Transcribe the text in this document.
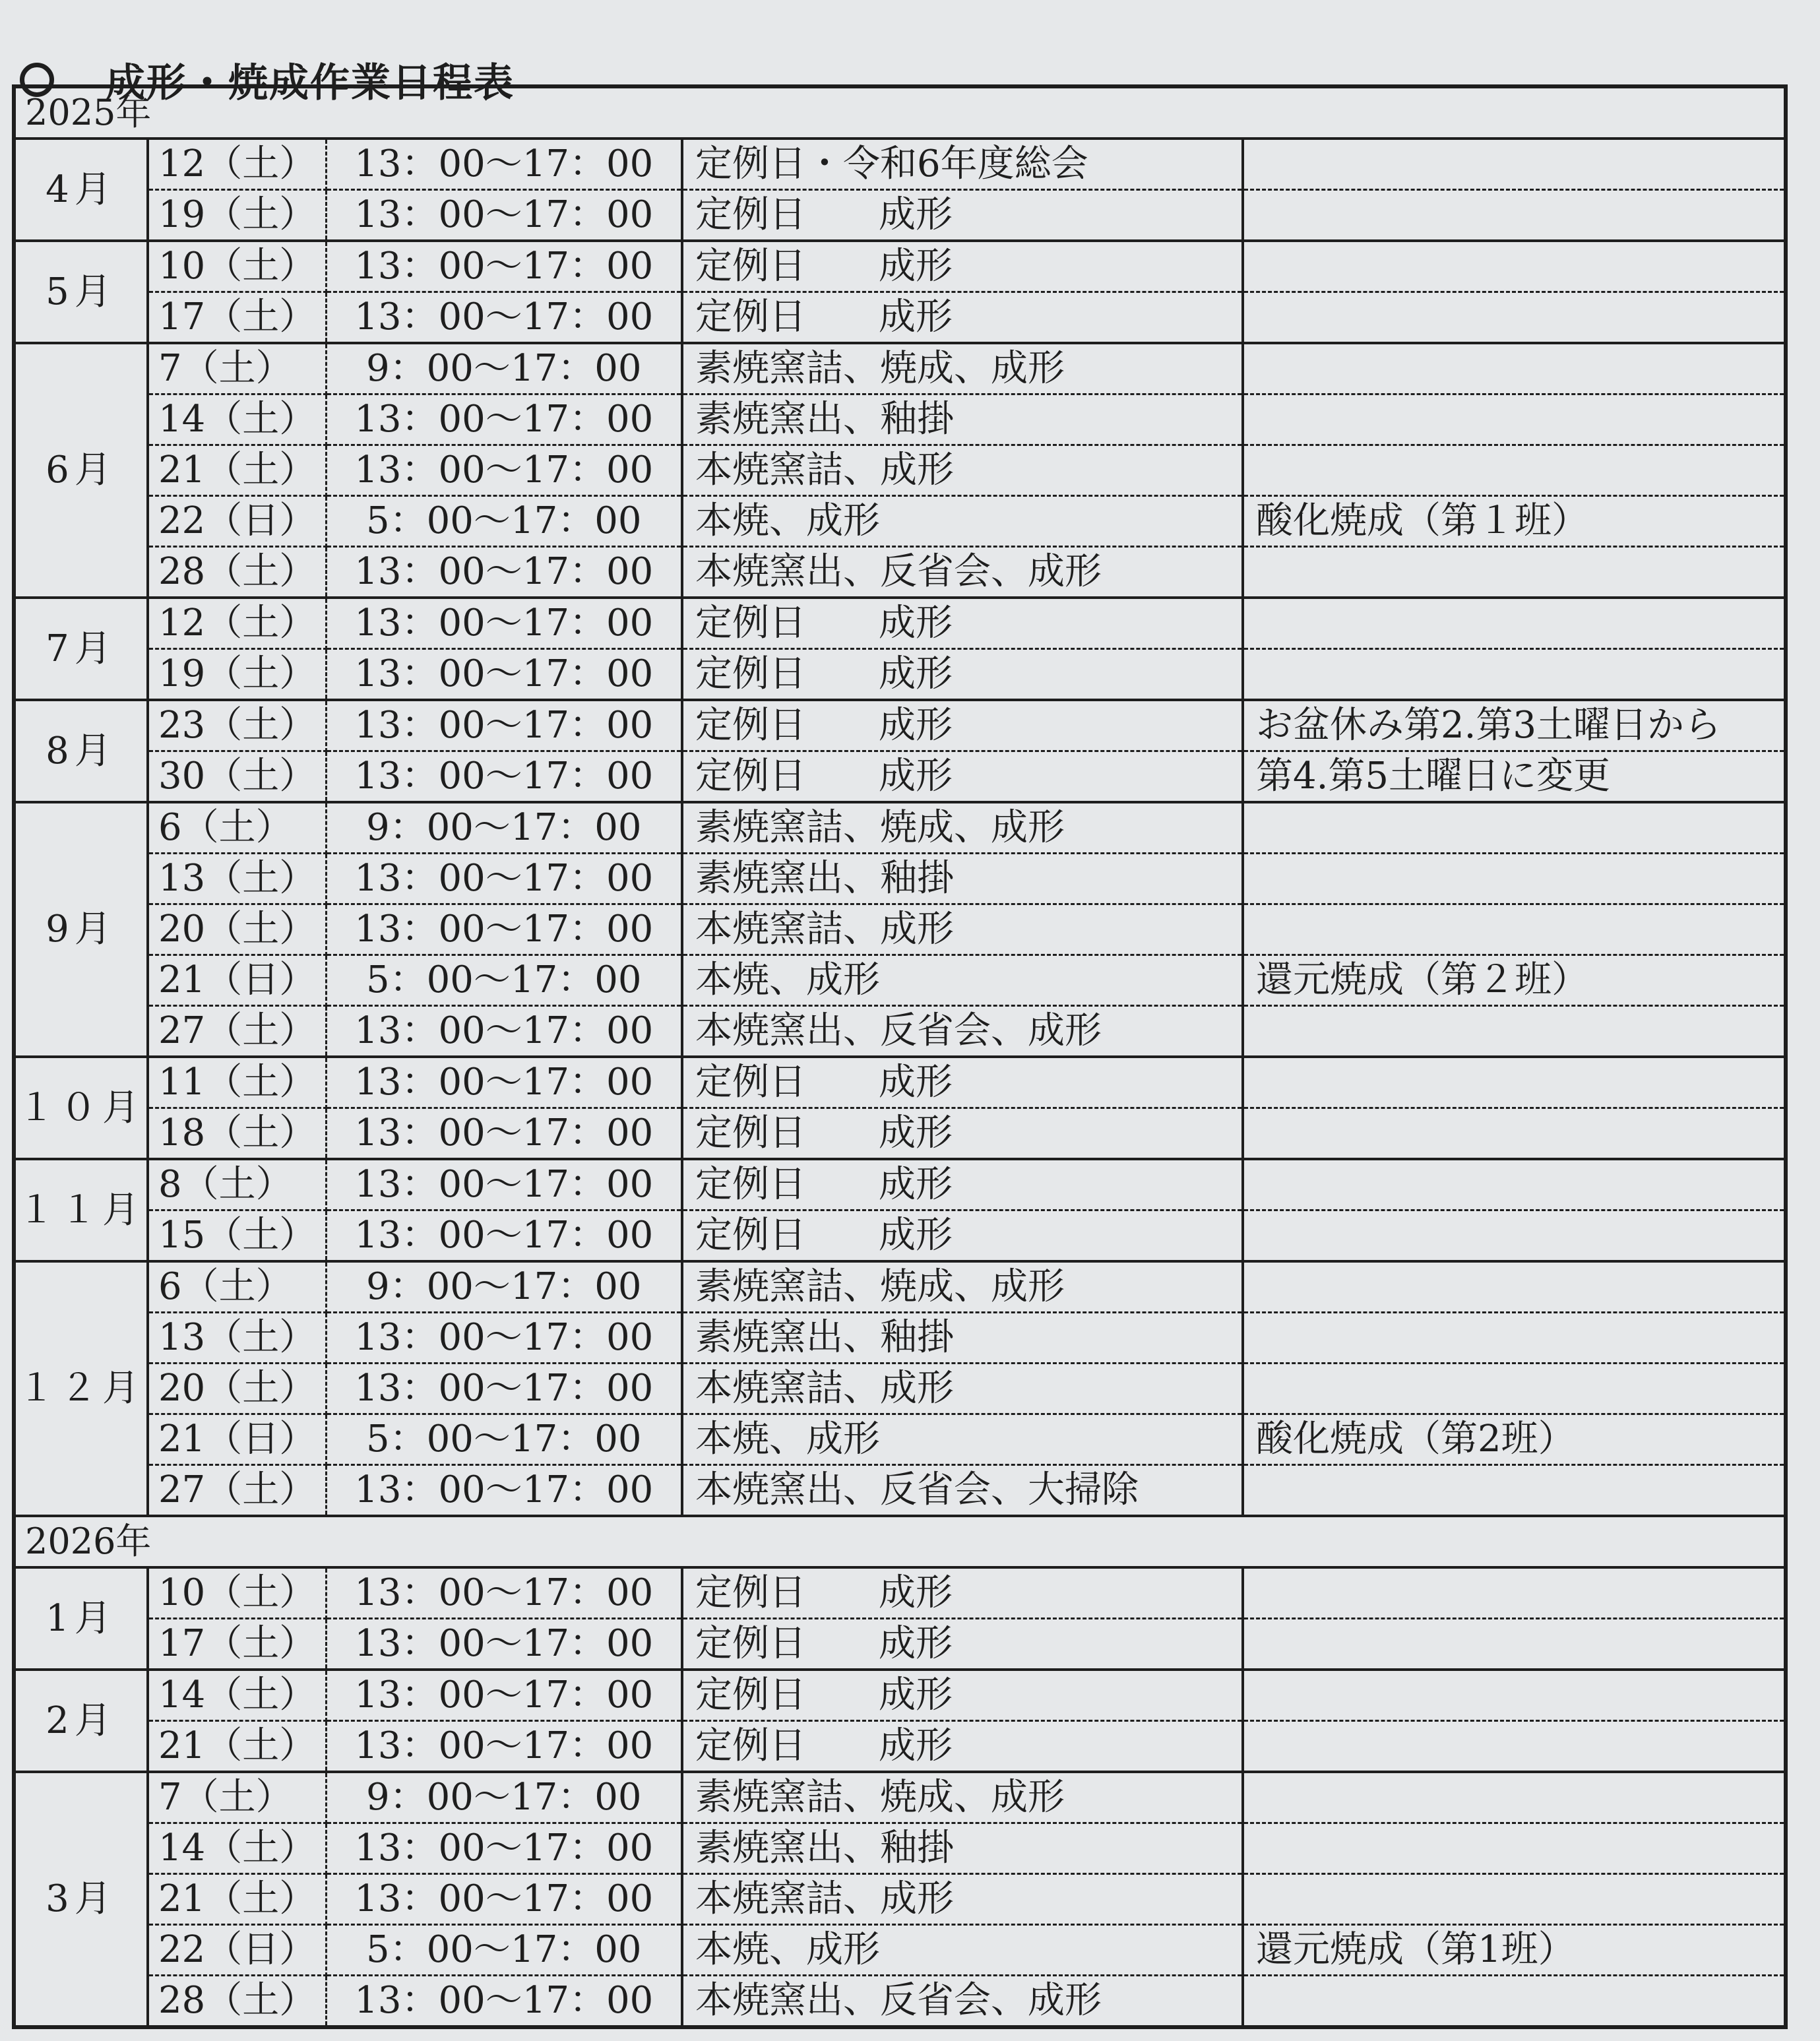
成形・焼成作業日程表
2025年				
4月	12（土）	13：00～17：00	定例日・令和6年度総会	
	19（土）	13：00～17：00	定例日 成形	
5月	10（土）	13：00～17：00	定例日 成形	
	17（土）	13：00～17：00	定例日 成形	
6月	7（土）	9：00～17：00	素焼窯詰、焼成、成形	
	14（土）	13：00～17：00	素焼窯出、釉掛	
	21（土）	13：00～17：00	本焼窯詰、成形	
	22（日）	5：00～17：00	本焼、成形	酸化焼成（第１班）
	28（土）	13：00～17：00	本焼窯出、反省会、成形	
7月	12（土）	13：00～17：00	定例日 成形	
	19（土）	13：00～17：00	定例日 成形	
8月	23（土）	13：00～17：00	定例日 成形	お盆休み第2.第3土曜日から
	30（土）	13：00～17：00	定例日 成形	第4.第5土曜日に変更
9月	6（土）	9：00～17：00	素焼窯詰、焼成、成形	
	13（土）	13：00～17：00	素焼窯出、釉掛	
	20（土）	13：00～17：00	本焼窯詰、成形	
	21（日）	5：00～17：00	本焼、成形	還元焼成（第２班）
	27（土）	13：00～17：00	本焼窯出、反省会、成形	
１０月	11（土）	13：00～17：00	定例日 成形	
	18（土）	13：00～17：00	定例日 成形	
１１月	8（土）	13：00～17：00	定例日 成形	
	15（土）	13：00～17：00	定例日 成形	
１２月	6（土）	9：00～17：00	素焼窯詰、焼成、成形	
	13（土）	13：00～17：00	素焼窯出、釉掛	
	20（土）	13：00～17：00	本焼窯詰、成形	
	21（日）	5：00～17：00	本焼、成形	酸化焼成（第2班）
	27（土）	13：00～17：00	本焼窯出、反省会、大掃除	
2026年				
1月	10（土）	13：00～17：00	定例日 成形	
	17（土）	13：00～17：00	定例日 成形	
2月	14（土）	13：00～17：00	定例日 成形	
	21（土）	13：00～17：00	定例日 成形	
3月	7（土）	9：00～17：00	素焼窯詰、焼成、成形	
	14（土）	13：00～17：00	素焼窯出、釉掛	
	21（土）	13：00～17：00	本焼窯詰、成形	
	22（日）	5：00～17：00	本焼、成形	還元焼成（第1班）
	28（土）	13：00～17：00	本焼窯出、反省会、成形	
